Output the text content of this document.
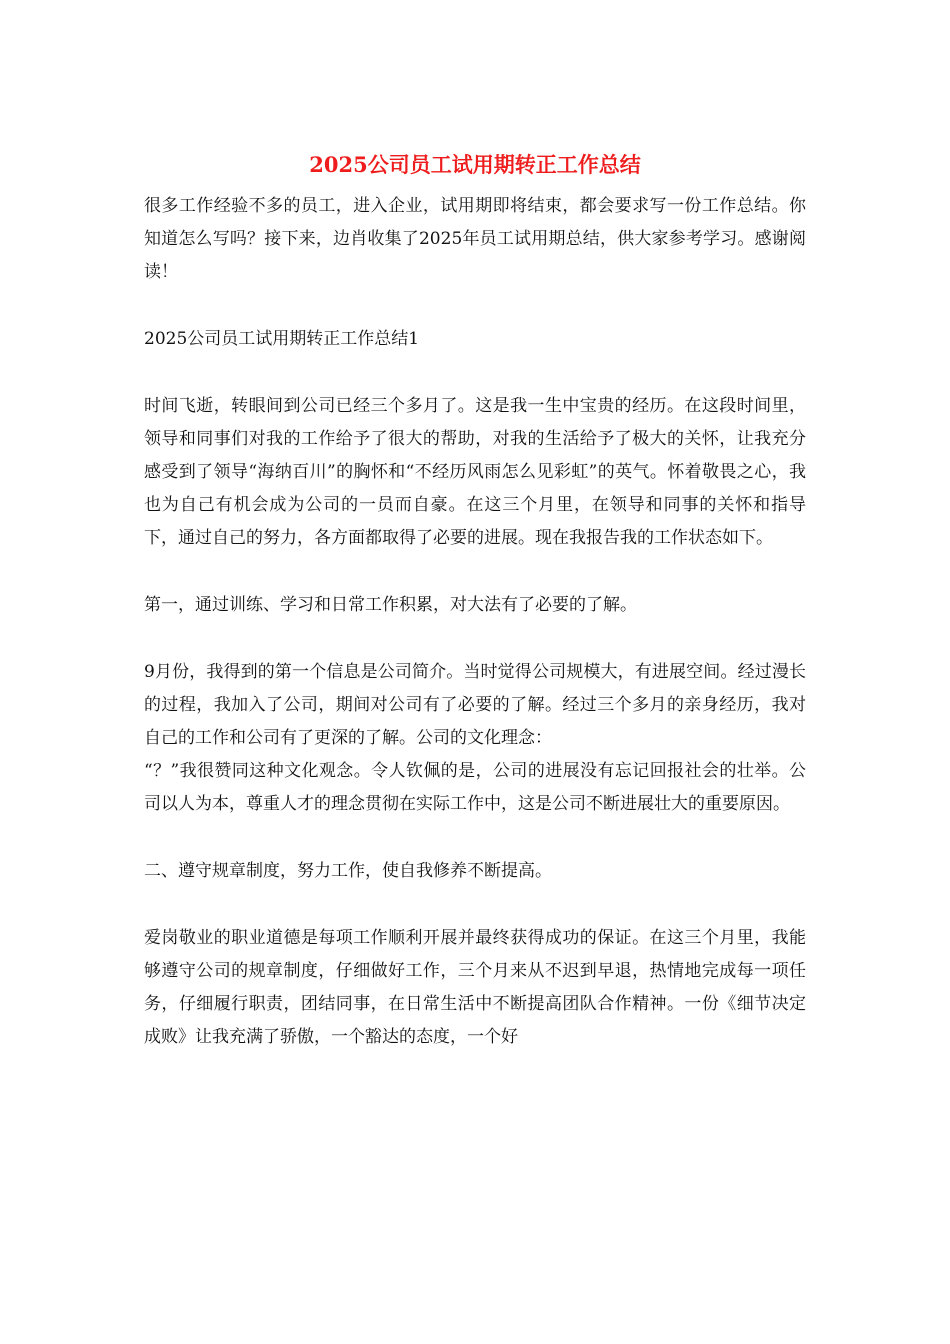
2025公司员工试用期转正工作总结

很多工作经验不多的员工，进入企业，试用期即将结束，都会要求写一份工作总结。你知道怎么写吗？接下来，边肖收集了2025年员工试用期总结，供大家参考学习。感谢阅读！

2025公司员工试用期转正工作总结1

时间飞逝，转眼间到公司已经三个多月了。这是我一生中宝贵的经历。在这段时间里，领导和同事们对我的工作给予了很大的帮助，对我的生活给予了极大的关怀，让我充分感受到了领导“海纳百川”的胸怀和“不经历风雨怎么见彩虹”的英气。怀着敬畏之心，我也为自己有机会成为公司的一员而自豪。在这三个月里，在领导和同事的关怀和指导下，通过自己的努力，各方面都取得了必要的进展。现在我报告我的工作状态如下。

第一，通过训练、学习和日常工作积累，对大法有了必要的了解。

9月份，我得到的第一个信息是公司简介。当时觉得公司规模大，有进展空间。经过漫长的过程，我加入了公司，期间对公司有了必要的了解。经过三个多月的亲身经历，我对自己的工作和公司有了更深的了解。公司的文化理念：

“？”我很赞同这种文化观念。令人钦佩的是，公司的进展没有忘记回报社会的壮举。公司以人为本，尊重人才的理念贯彻在实际工作中，这是公司不断进展壮大的重要原因。

二、遵守规章制度，努力工作，使自我修养不断提高。

爱岗敬业的职业道德是每项工作顺利开展并最终获得成功的保证。在这三个月里，我能够遵守公司的规章制度，仔细做好工作，三个月来从不迟到早退，热情地完成每一项任务，仔细履行职责，团结同事，在日常生活中不断提高团队合作精神。一份《细节决定成败》让我充满了骄傲，一个豁达的态度，一个好
